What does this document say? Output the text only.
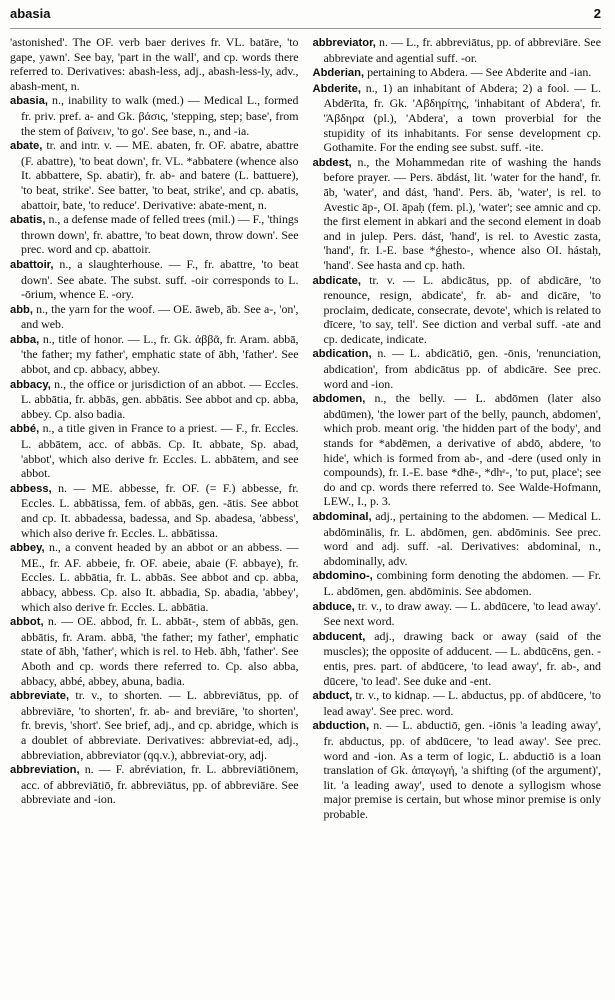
abasia	2

'astonished'. The OF. verb baer derives fr. VL. batāre, 'to gape, yawn'. See bay, 'part in the wall', and cp. words there referred to. Derivatives: abash-less, adj., abash-less-ly, adv., abash-ment, n.

abasia, n., inability to walk (med.) — Medical L., formed fr. priv. pref. a- and Gk. βάσις, 'stepping, step; base', from the stem of βαίνειν, 'to go'. See base, n., and -ia.

abate, tr. and intr. v. — ME. abaten, fr. OF. abatre, abattre (F. abattre), 'to beat down', fr. VL. *abbatere (whence also It. abbattere, Sp. abatir), fr. ab- and batere (L. battuere), 'to beat, strike'. See batter, 'to beat, strike', and cp. abatis, abattoir, bate, 'to reduce'. Derivative: abate-ment, n.

abatis, n., a defense made of felled trees (mil.) — F., 'things thrown down', fr. abattre, 'to beat down, throw down'. See prec. word and cp. abattoir.

abattoir, n., a slaughterhouse. — F., fr. abattre, 'to beat down'. See abate. The subst. suff. -oir corresponds to L. -ōrium, whence E. -ory.

abb, n., the yarn for the woof. — OE. āweb, āb. See a-, 'on', and web.

abba, n., title of honor. — L., fr. Gk. ἀββᾶ, fr. Aram. abbā, 'the father; my father', emphatic state of ābh, 'father'. See abbot, and cp. abbacy, abbey.

abbacy, n., the office or jurisdiction of an abbot. — Eccles. L. abbātia, fr. abbās, gen. abbātis. See abbot and cp. abba, abbey. Cp. also badia.

abbé, n., a title given in France to a priest. — F., fr. Eccles. L. abbātem, acc. of abbās. Cp. It. abbate, Sp. abad, 'abbot', which also derive fr. Eccles. L. abbātem, and see abbot.

abbess, n. — ME. abbesse, fr. OF. (= F.) abbesse, fr. Eccles. L. abbātissa, fem. of abbās, gen. -ātis. See abbot and cp. It. abbadessa, badessa, and Sp. abadesa, 'abbess', which also derive fr. Eccles. L. abbātissa.

abbey, n., a convent headed by an abbot or an abbess. — ME., fr. AF. abbeie, fr. OF. abeie, abaie (F. abbaye), fr. Eccles. L. abbātia, fr. L. abbās. See abbot and cp. abba, abbacy, abbess. Cp. also It. abbadia, Sp. abadia, 'abbey', which also derive fr. Eccles. L. abbātia.

abbot, n. — OE. abbod, fr. L. abbāt-, stem of abbās, gen. abbātis, fr. Aram. abbā, 'the father; my father', emphatic state of ābh, 'father', which is rel. to Heb. ābh, 'father'. See Aboth and cp. words there referred to. Cp. also abba, abbacy, abbé, abbey, abuna, badia.

abbreviate, tr. v., to shorten. — L. abbreviātus, pp. of abbreviāre, 'to shorten', fr. ab- and breviāre, 'to shorten', fr. brevis, 'short'. See brief, adj., and cp. abridge, which is a doublet of abbreviate. Derivatives: abbreviat-ed, adj., abbreviation, abbreviator (qq.v.), abbreviat-ory, adj.

abbreviation, n. — F. abréviation, fr. L. abbreviātiōnem, acc. of abbreviātiō, fr. abbreviātus, pp. of abbreviāre. See abbreviate and -ion.

abbreviator, n. — L., fr. abbreviātus, pp. of abbreviāre. See abbreviate and agential suff. -or.

Abderian, pertaining to Abdera. — See Abderite and -ian.

Abderite, n., 1) an inhabitant of Abdera; 2) a fool. — L. Abdērīta, fr. Gk. 'Αβδηρίτης, 'inhabitant of Abdera', fr. 'Άβδηρα (pl.), 'Abdera', a town proverbial for the stupidity of its inhabitants. For sense development cp. Gothamite. For the ending see subst. suff. -ite.

abdest, n., the Mohammedan rite of washing the hands before prayer. — Pers. ābdást, lit. 'water for the hand', fr. āb, 'water', and dást, 'hand'. Pers. āb, 'water', is rel. to Avestic āp-, OI. āpaḥ (fem. pl.), 'water'; see amnic and cp. the first element in abkari and the second element in doab and in julep. Pers. dást, 'hand', is rel. to Avestic zasta, 'hand', fr. I.-E. base *ǵhesto-, whence also OI. hástaḥ, 'hand'. See hasta and cp. hath.

abdicate, tr. v. — L. abdicātus, pp. of abdicāre, 'to renounce, resign, abdicate', fr. ab- and dicāre, 'to proclaim, dedicate, consecrate, devote', which is related to dīcere, 'to say, tell'. See diction and verbal suff. -ate and cp. dedicate, indicate.

abdication, n. — L. abdicātiō, gen. -ōnis, 'renunciation, abdication', from abdicātus pp. of abdicāre. See prec. word and -ion.

abdomen, n., the belly. — L. abdōmen (later also abdūmen), 'the lower part of the belly, paunch, abdomen', which prob. meant orig. 'the hidden part of the body', and stands for *abdēmen, a derivative of abdō, abdere, 'to hide', which is formed from ab-, and -dere (used only in compounds), fr. I.-E. base *dhē-, *dhᵉ-, 'to put, place'; see do and cp. words there referred to. See Walde-Hofmann, LEW., I., p. 3.

abdominal, adj., pertaining to the abdomen. — Medical L. abdōminālis, fr. L. abdōmen, gen. abdōminis. See prec. word and adj. suff. -al. Derivatives: abdominal, n., abdominally, adv.

abdomino-, combining form denoting the abdomen. — Fr. L. abdōmen, gen. abdōminis. See abdomen.

abduce, tr. v., to draw away. — L. abdūcere, 'to lead away'. See next word.

abducent, adj., drawing back or away (said of the muscles); the opposite of adducent. — L. abdūcēns, gen. -entis, pres. part. of abdūcere, 'to lead away', fr. ab-, and dūcere, 'to lead'. See duke and -ent.

abduct, tr. v., to kidnap. — L. abductus, pp. of abdūcere, 'to lead away'. See prec. word.

abduction, n. — L. abductiō, gen. -iōnis 'a leading away', fr. abductus, pp. of abdūcere, 'to lead away'. See prec. word and -ion. As a term of logic, L. abductiō is a loan translation of Gk. ἀπαγωγή, 'a shifting (of the argument)', lit. 'a leading away', used to denote a syllogism whose major premise is certain, but whose minor premise is only probable.
